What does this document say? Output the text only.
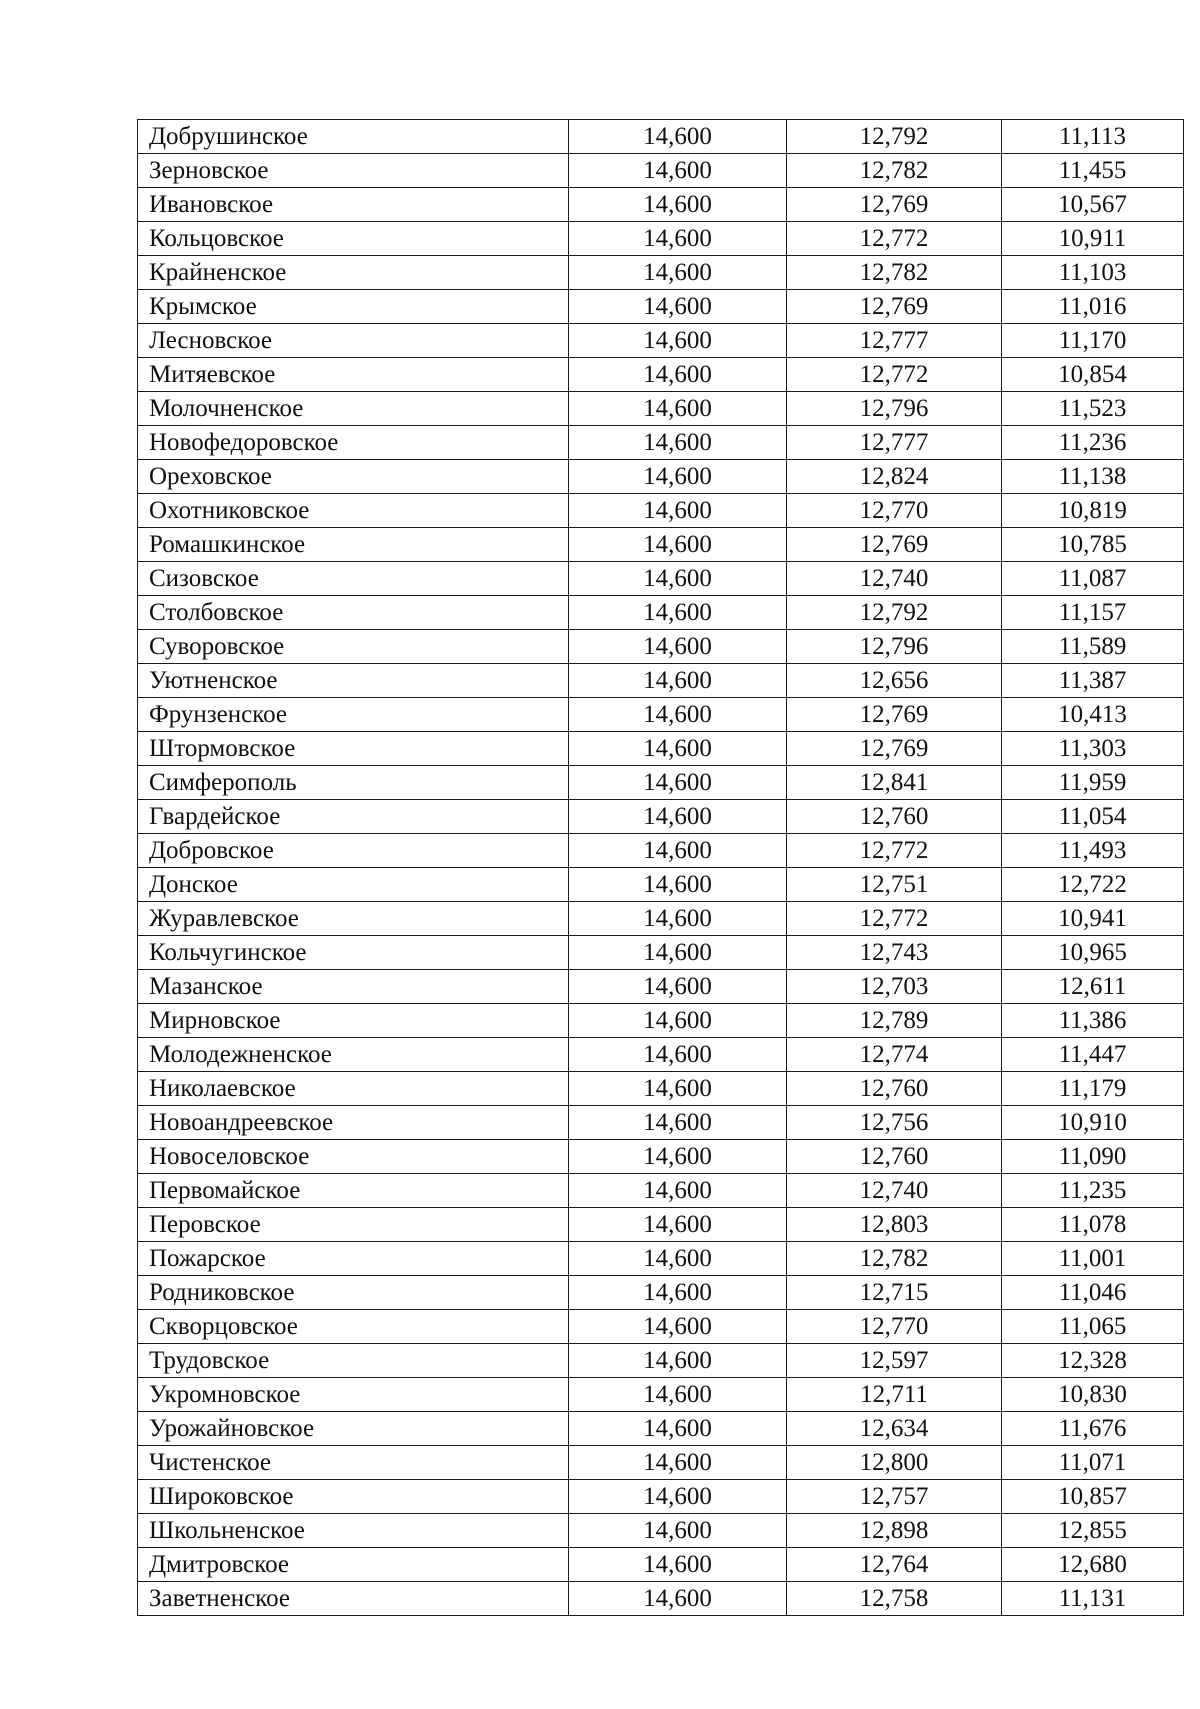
Добрушинское	14,600	12,792	11,113
Зерновское	14,600	12,782	11,455
Ивановское	14,600	12,769	10,567
Кольцовское	14,600	12,772	10,911
Крайненское	14,600	12,782	11,103
Крымское	14,600	12,769	11,016
Лесновское	14,600	12,777	11,170
Митяевское	14,600	12,772	10,854
Молочненское	14,600	12,796	11,523
Новофедоровское	14,600	12,777	11,236
Ореховское	14,600	12,824	11,138
Охотниковское	14,600	12,770	10,819
Ромашкинское	14,600	12,769	10,785
Сизовское	14,600	12,740	11,087
Столбовское	14,600	12,792	11,157
Суворовское	14,600	12,796	11,589
Уютненское	14,600	12,656	11,387
Фрунзенское	14,600	12,769	10,413
Штормовское	14,600	12,769	11,303
Симферополь	14,600	12,841	11,959
Гвардейское	14,600	12,760	11,054
Добровское	14,600	12,772	11,493
Донское	14,600	12,751	12,722
Журавлевское	14,600	12,772	10,941
Кольчугинское	14,600	12,743	10,965
Мазанское	14,600	12,703	12,611
Мирновское	14,600	12,789	11,386
Молодежненское	14,600	12,774	11,447
Николаевское	14,600	12,760	11,179
Новоандреевское	14,600	12,756	10,910
Новоселовское	14,600	12,760	11,090
Первомайское	14,600	12,740	11,235
Перовское	14,600	12,803	11,078
Пожарское	14,600	12,782	11,001
Родниковское	14,600	12,715	11,046
Скворцовское	14,600	12,770	11,065
Трудовское	14,600	12,597	12,328
Укромновское	14,600	12,711	10,830
Урожайновское	14,600	12,634	11,676
Чистенское	14,600	12,800	11,071
Широковское	14,600	12,757	10,857
Школьненское	14,600	12,898	12,855
Дмитровское	14,600	12,764	12,680
Заветненское	14,600	12,758	11,131
